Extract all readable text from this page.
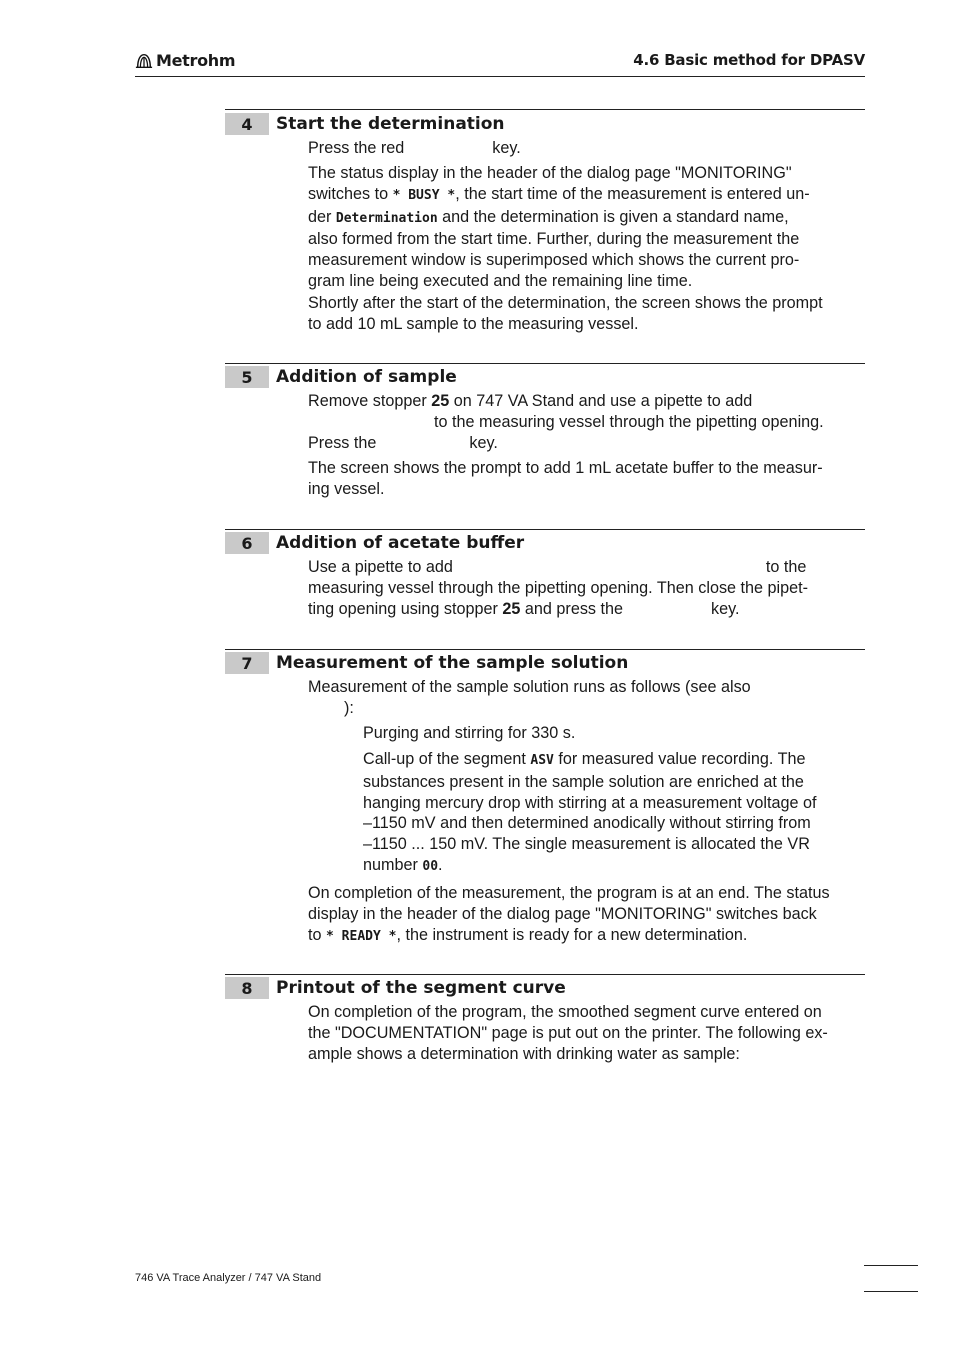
Metrohm	4.6 Basic method for DPASV
4	Start the determination
Press the red	key.
The status display in the header of the dialog page "MONITORING"
switches to * BUSY *, the start time of the measurement is entered un-
der Determination and the determination is given a standard name,
also formed from the start time. Further, during the measurement the
measurement window is superimposed which shows the current pro-
gram line being executed and the remaining line time.
Shortly after the start of the determination, the screen shows the prompt
to add 10 mL sample to the measuring vessel.
5	Addition of sample
Remove stopper 25 on 747 VA Stand and use a pipette to add
to the measuring vessel through the pipetting opening.
Press the	key.
The screen shows the prompt to add 1 mL acetate buffer to the measur-
ing vessel.
6	Addition of acetate buffer
Use a pipette to add	to the
measuring vessel through the pipetting opening. Then close the pipet-
ting opening using stopper 25 and press the	key.
7	Measurement of the sample solution
Measurement of the sample solution runs as follows (see also
):
Purging and stirring for 330 s.
Call-up of the segment ASV for measured value recording. The
substances present in the sample solution are enriched at the
hanging mercury drop with stirring at a measurement voltage of
–1150 mV and then determined anodically without stirring from
–1150 ... 150 mV. The single measurement is allocated the VR
number 00.
On completion of the measurement, the program is at an end. The status
display in the header of the dialog page "MONITORING" switches back
to * READY *, the instrument is ready for a new determination.
8	Printout of the segment curve
On completion of the program, the smoothed segment curve entered on
the "DOCUMENTATION" page is put out on the printer. The following ex-
ample shows a determination with drinking water as sample:
746 VA Trace Analyzer / 747 VA Stand
